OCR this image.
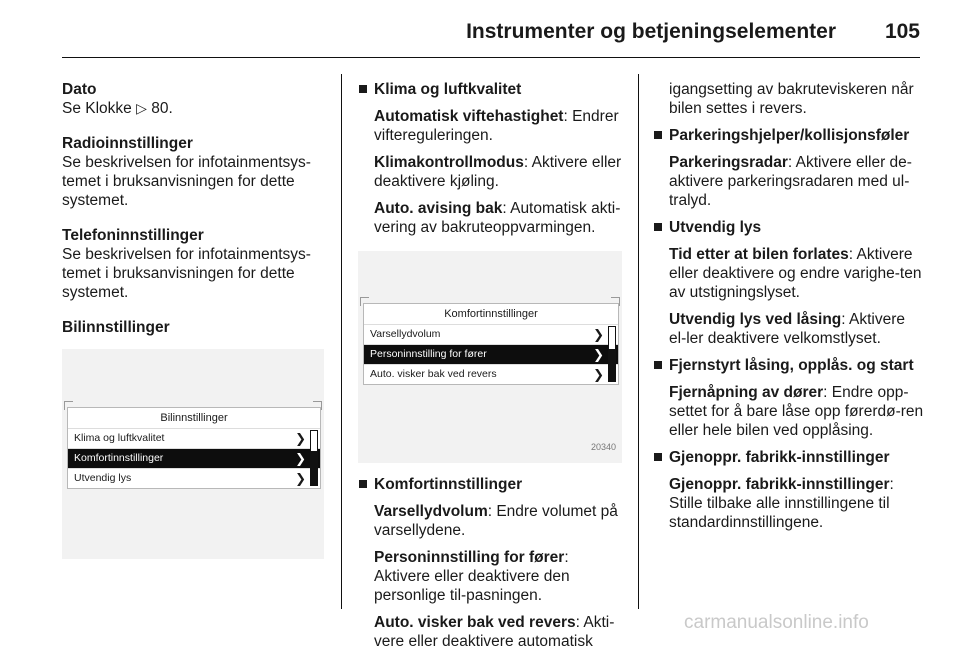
Instrumenter og betjeningselementer 105

Dato
Se Klokke ▷ 80.

Radioinnstillinger
Se beskrivelsen for infotainmentsys-temet i bruksanvisningen for dette systemet.

Telefoninnstillinger
Se beskrivelsen for infotainmentsys-temet i bruksanvisningen for dette systemet.

Bilinnstillinger

Bilinnstillinger
Klima og luftkvalitet	❯
Komfortinnstillinger	❯
Utvendig lys	❯
Klima og luftkvalitet
Automatisk viftehastighet: Endrer viftereguleringen.
Klimakontrollmodus: Aktivere eller deaktivere kjøling.
Auto. avising bak: Automatisk akti-vering av bakruteoppvarmingen.
Komfortinnstillinger
Varsellydvolum	❯
Personinnstilling for fører	❯
Auto. visker bak ved revers	❯
20340
Komfortinnstillinger
Varsellydvolum: Endre volumet på varsellydene.
Personinnstilling for fører: Aktivere eller deaktivere den personlige til-pasningen.
Auto. visker bak ved revers: Akti-vere eller deaktivere automatisk
igangsetting av bakruteviskeren når bilen settes i revers.
Parkeringshjelper/kollisjonsføler
Parkeringsradar: Aktivere eller de-aktivere parkeringsradaren med ul-tralyd.
Utvendig lys
Tid etter at bilen forlates: Aktivere eller deaktivere og endre varighe-ten av utstigningslyset.
Utvendig lys ved låsing: Aktivere el-ler deaktivere velkomstlyset.
Fjernstyrt låsing, opplås. og start
Fjernåpning av dører: Endre opp-settet for å bare låse opp førerdø-ren eller hele bilen ved opplåsing.
Gjenoppr. fabrikk-innstillinger
Gjenoppr. fabrikk-innstillinger: Stille tilbake alle innstillingene til standardinnstillingene.
carmanualsonline.info
